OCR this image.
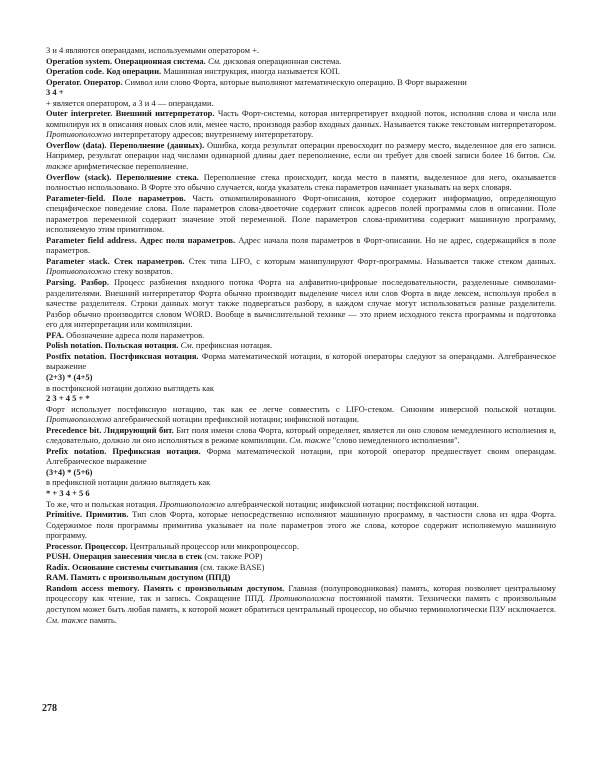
3 и 4 являются операндами, используемыми оператором +.

Operation system. Операционная система. См. дисковая операционная система.

Operation code. Код операции. Машинная инструкция, иногда называется КОП.

Operator. Оператор. Символ или слово Форта, которые выполняют математическую операцию. В Форт выражении

3 4 +

+ является оператором, а 3 и 4 — операндами.

Outer interpreter. Внешний интерпретатор. Часть Форт-системы, которая интерпретирует входной поток, исполняя слова и числа или компилируя их в описания новых слов или, менее часто, производя разбор входных данных. Называется также текстовым интерпретатором. Противоположно интерпретатору адресов; внутреннему интерпретатору.

Overflow (data). Переполнение (данных). Ошибка, когда результат операции превосходит по размеру место, выделенное для его записи. Например, результат операции над числами одинарной длины дает переполнение, если он требует для своей записи более 16 битов. См. также арифметическое переполнение.

Overflow (stack). Переполнение стека. Переполнение стека происходит, когда место в памяти, выделенное для него, оказывается полностью использовано. В Форте это обычно случается, когда указатель стека параметров начинает указывать на верх словаря.

Parameter-field. Поле параметров. Часть откомпилированного Форт-описания, которое содержит информацию, определяющую специфическое поведение слова. Поле параметров слова-двоеточие содержит список адресов полей программы слов в описании. Поле параметров переменной содержит значение этой переменной. Поле параметров слова-примитива содержит машинную программу, исполняемую этим примитивом.

Parameter field address. Адрес поля параметров. Адрес начала поля параметров в Форт-описании. Но не адрес, содержащийся в поле параметров.

Parameter stack. Стек параметров. Стек типа LIFO, с которым манипулируют Форт-программы. Называется также стеком данных. Противоположно стеку возвратов.

Parsing. Разбор. Процесс разбиения входного потока Форта на алфавитно-цифровые последовательности, разделенные символами-разделителями. Внешний интерпретатор Форта обычно производит выделение чисел или слов Форта в виде лексем, используя пробел в качестве разделителя. Строки данных могут также подвергаться разбору, в каждом случае могут использоваться разные разделители. Разбор обычно производится словом WORD. Вообще в вычислительной технике — это прием исходного текста программы и подготовка его для интерпретации или компиляции.

PFA. Обозначение адреса поля параметров.

Polish notation. Польская нотация. См. префиксная нотация.

Postfix notation. Постфиксная нотация. Форма математической нотации, в которой операторы следуют за операндами. Алгебраическое выражение

(2+3) * (4+5)

в постфиксной нотации должно выглядеть как

2 3 + 4 5 + *

Форт использует постфиксную нотацию, так как ее легче совместить с LIFO-стеком. Синоним инверсной польской нотации. Противоположно алгебраической нотации префиксной нотации; инфиксной нотации.

Precedence bit. Лидирующий бит. Бит поля имени слова Форта, который определяет, является ли оно словом немедленного исполнения и, следовательно, должно ли оно исполняться в режиме компиляции. См. также "слово немедленного исполнения".

Prefix notation. Префиксная нотация. Форма математической нотации, при которой оператор предшествует своим операндам. Алгебраическое выражение

(3+4) * (5+6)

в префиксной нотации должно выглядеть как

* + 3 4 + 5 6

То же, что и польская нотация. Противоположно алгебраической нотации; инфиксной нотации; постфиксной нотации.

Primitive. Примитив. Тип слов Форта, которые непосредственно исполняют машинную программу, в частности слова из ядра Форта. Содержимое поля программы примитива указывает на поле параметров этого же слова, которое содержит исполняемую машинную программу.

Processor. Процессор. Центральный процессор или микропроцессор.

PUSH. Операция занесения числа в стек (см. также POP)

Radix. Основание системы считывания (см. также BASE)

RAM. Память с произвольным доступом (ППД)

Random access memory. Память с произвольным доступом. Главная (полупроводниковая) память, которая позволяет центральному процессору как чтение, так и запись. Сокращение ППД. Противоположна постоянной памяти. Технически память с произвольным доступом может быть любая память, к которой может обратиться центральный процессор, но обычно терминологически ПЗУ исключается. См. также память.

278
